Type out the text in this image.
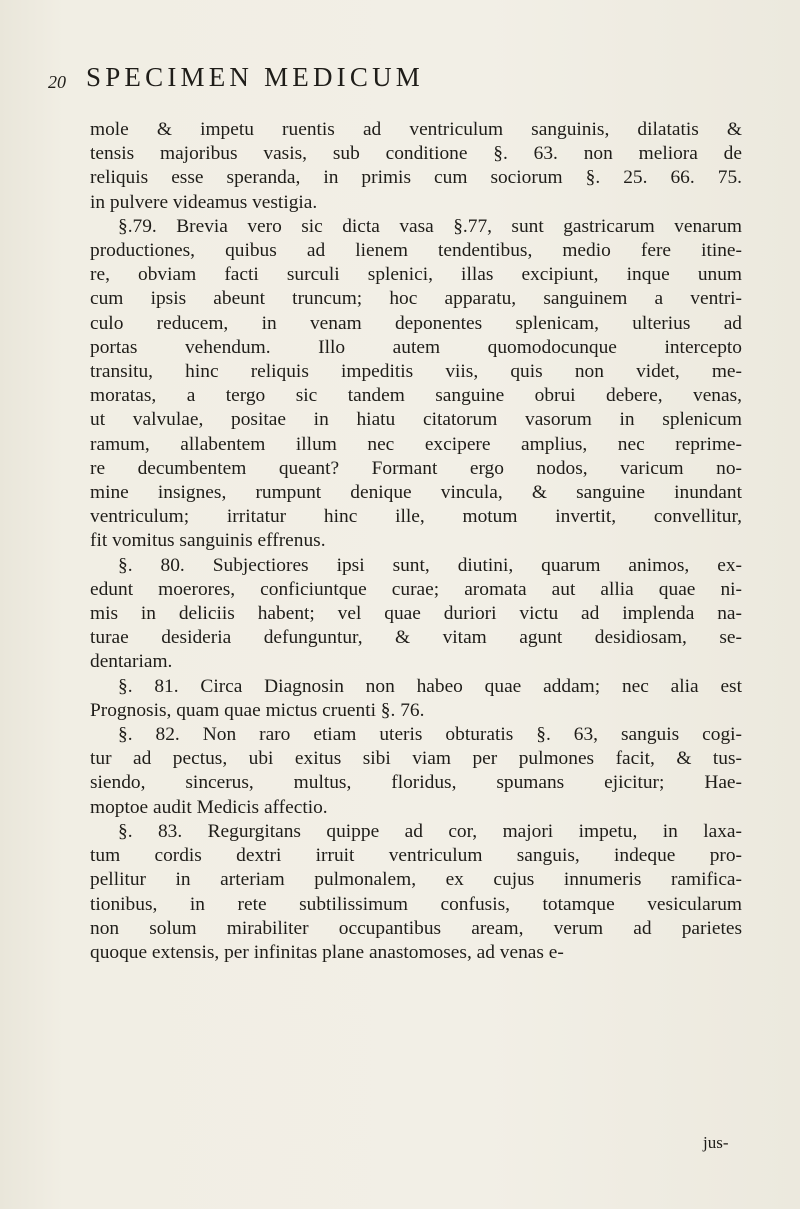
20 SPECIMEN MEDICUM
mole & impetu ruentis ad ventriculum sanguinis, dilatatis &
tensis majoribus vasis, sub conditione §. 63. non meliora de
reliquis esse speranda, in primis cum sociorum §. 25. 66. 75.
in pulvere videamus vestigia.
§.79. Brevia vero sic dicta vasa §.77, sunt gastricarum venarum
productiones, quibus ad lienem tendentibus, medio fere itine-
re, obviam facti surculi splenici, illas excipiunt, inque unum
cum ipsis abeunt truncum; hoc apparatu, sanguinem a ventri-
culo reducem, in venam deponentes splenicam, ulterius ad
portas vehendum. Illo autem quomodocunque intercepto
transitu, hinc reliquis impeditis viis, quis non videt, me-
moratas, a tergo sic tandem sanguine obrui debere, venas,
ut valvulae, positae in hiatu citatorum vasorum in splenicum
ramum, allabentem illum nec excipere amplius, nec reprime-
re decumbentem queant? Formant ergo nodos, varicum no-
mine insignes, rumpunt denique vincula, & sanguine inundant
ventriculum; irritatur hinc ille, motum invertit, convellitur,
fit vomitus sanguinis effrenus.
§. 80. Subjectiores ipsi sunt, diutini, quarum animos, ex-
edunt moerores, conficiuntque curae; aromata aut allia quae ni-
mis in deliciis habent; vel quae duriori victu ad implenda na-
turae desideria defunguntur, & vitam agunt desidiosam, se-
dentariam.
§. 81. Circa Diagnosin non habeo quae addam; nec alia est
Prognosis, quam quae mictus cruenti §. 76.
§. 82. Non raro etiam uteris obturatis §. 63, sanguis cogi-
tur ad pectus, ubi exitus sibi viam per pulmones facit, & tus-
siendo, sincerus, multus, floridus, spumans ejicitur; Hae-
moptoe audit Medicis affectio.
§. 83. Regurgitans quippe ad cor, majori impetu, in laxa-
tum cordis dextri irruit ventriculum sanguis, indeque pro-
pellitur in arteriam pulmonalem, ex cujus innumeris ramifica-
tionibus, in rete subtilissimum confusis, totamque vesicularum
non solum mirabiliter occupantibus aream, verum ad parietes
quoque extensis, per infinitas plane anastomoses, ad venas e-
jus-
